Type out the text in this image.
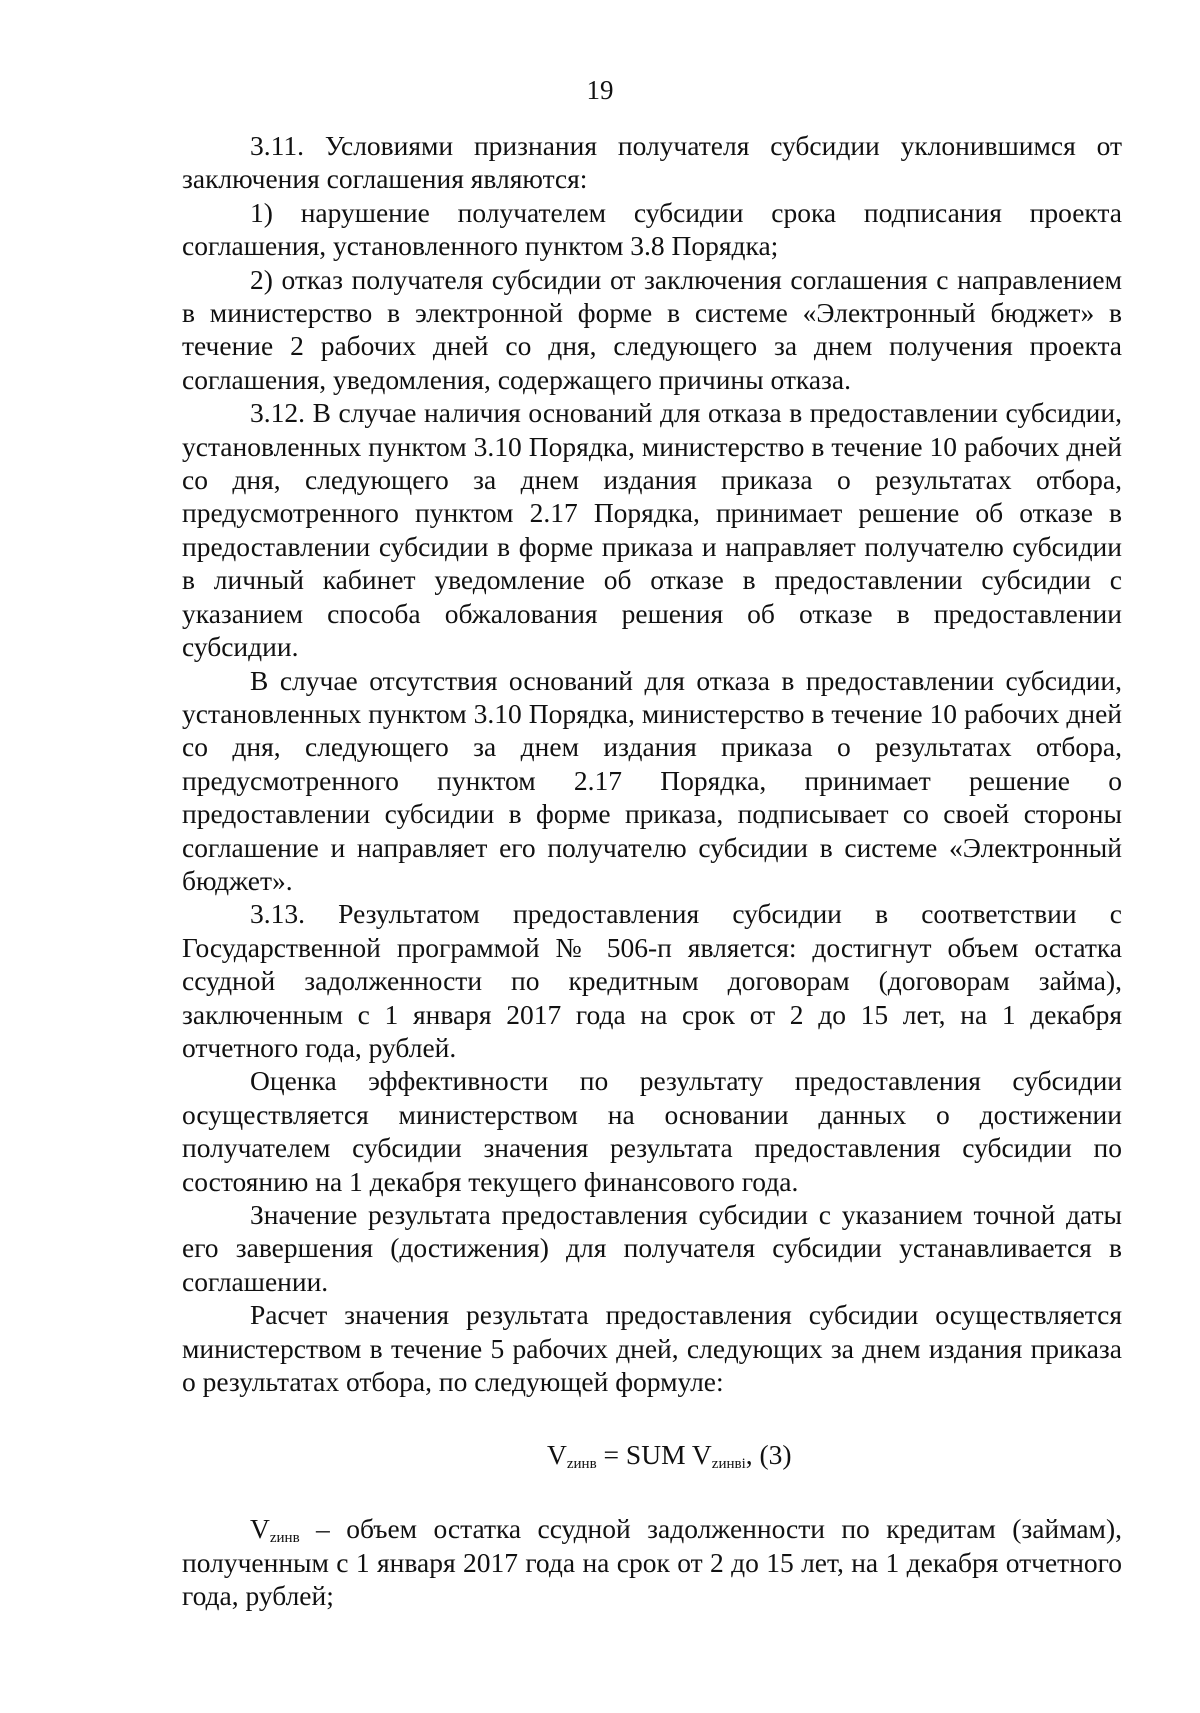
19

3.11. Условиями признания получателя субсидии уклонившимся от заключения соглашения являются:

1) нарушение получателем субсидии срока подписания проекта соглашения, установленного пунктом 3.8 Порядка;

2) отказ получателя субсидии от заключения соглашения с направлением в министерство в электронной форме в системе «Электронный бюджет» в течение 2 рабочих дней со дня, следующего за днем получения проекта соглашения, уведомления, содержащего причины отказа.

3.12. В случае наличия оснований для отказа в предоставлении субсидии, установленных пунктом 3.10 Порядка, министерство в течение 10 рабочих дней со дня, следующего за днем издания приказа о результатах отбора, предусмотренного пунктом 2.17 Порядка, принимает решение об отказе в предоставлении субсидии в форме приказа и направляет получателю субсидии в личный кабинет уведомление об отказе в предоставлении субсидии с указанием способа обжалования решения об отказе в предоставлении субсидии.

В случае отсутствия оснований для отказа в предоставлении субсидии, установленных пунктом 3.10 Порядка, министерство в течение 10 рабочих дней со дня, следующего за днем издания приказа о результатах отбора, предусмотренного пунктом 2.17 Порядка, принимает решение о предоставлении субсидии в форме приказа, подписывает со своей стороны соглашение и направляет его получателю субсидии в системе «Электронный бюджет».

3.13. Результатом предоставления субсидии в соответствии с Государственной программой № 506-п является: достигнут объем остатка ссудной задолженности по кредитным договорам (договорам займа), заключенным с 1 января 2017 года на срок от 2 до 15 лет, на 1 декабря отчетного года, рублей.

Оценка эффективности по результату предоставления субсидии осуществляется министерством на основании данных о достижении получателем субсидии значения результата предоставления субсидии по состоянию на 1 декабря текущего финансового года.

Значение результата предоставления субсидии с указанием точной даты его завершения (достижения) для получателя субсидии устанавливается в соглашении.

Расчет значения результата предоставления субсидии осуществляется министерством в течение 5 рабочих дней, следующих за днем издания приказа о результатах отбора, по следующей формуле:

$V_{zинв}$ = SUM $V_{zинвi}$, (3)

$V_{zинв}$ – объем остатка ссудной задолженности по кредитам (займам), полученным с 1 января 2017 года на срок от 2 до 15 лет, на 1 декабря отчетного года, рублей;
